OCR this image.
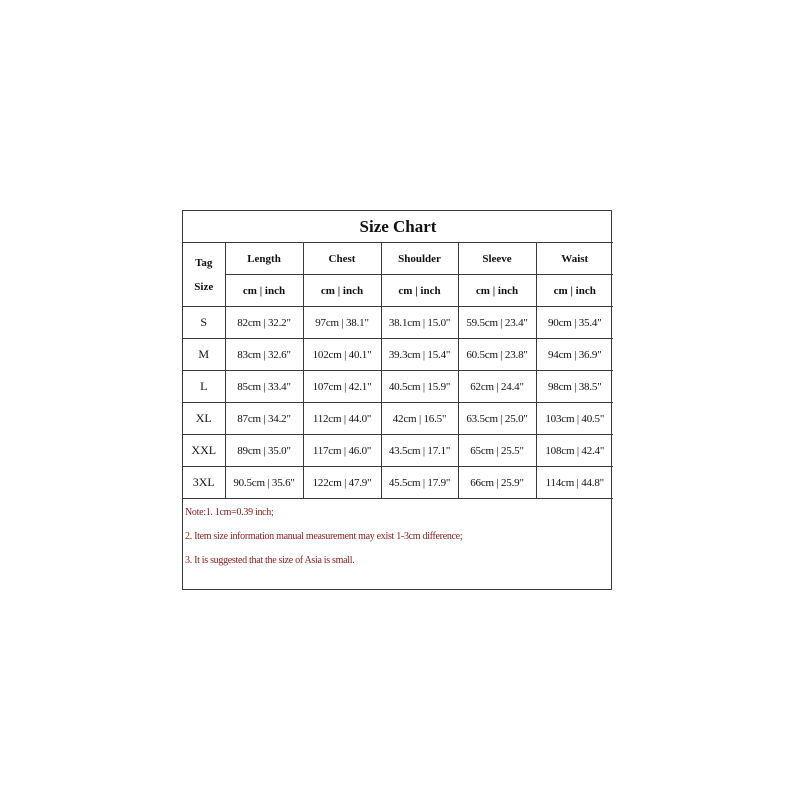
Size Chart					
Tag
Size	Length	Chest	Shoulder	Sleeve	Waist
	cm | inch	cm | inch	cm | inch	cm | inch	cm | inch
S	82cm | 32.2"	97cm | 38.1"	38.1cm | 15.0"	59.5cm | 23.4"	90cm | 35.4"
M	83cm | 32.6"	102cm | 40.1"	39.3cm | 15.4"	60.5cm | 23.8"	94cm | 36.9"
L	85cm | 33.4"	107cm | 42.1"	40.5cm | 15.9"	62cm | 24.4"	98cm | 38.5"
XL	87cm | 34.2"	112cm | 44.0"	42cm | 16.5"	63.5cm | 25.0"	103cm | 40.5"
XXL	89cm | 35.0"	117cm | 46.0"	43.5cm | 17.1"	65cm | 25.5"	108cm | 42.4"
3XL	90.5cm | 35.6"	122cm | 47.9"	45.5cm | 17.9"	66cm | 25.9"	114cm | 44.8"

Note:1. 1cm=0.39 inch;
2. Item size information manual measurement may exist 1-3cm difference;
3. It is suggested that the size of Asia is small.					
